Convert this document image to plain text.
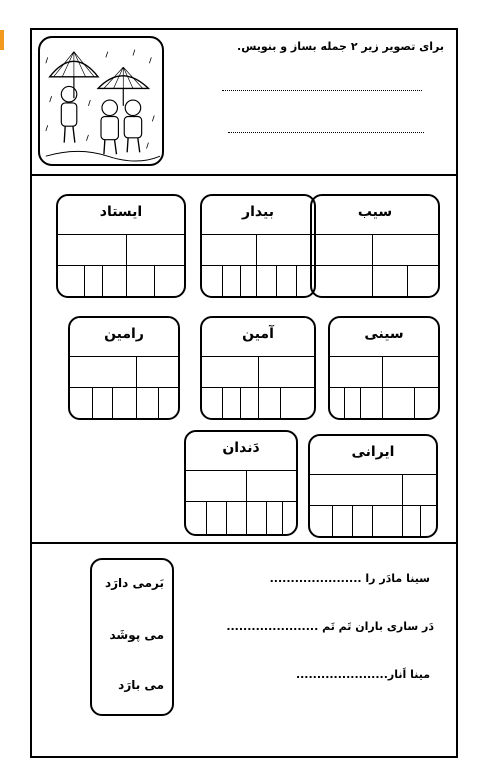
برای تصویر زیر ۲ جمله بساز و بنویس.
سیب
بیدار
ایستاد
سینی
آمین
رامین
ایرانی
دَندان
بَرمی دارَد
می پوشَد
می بارَد
سینا مادَر را ......................
دَر ساری باران تَم تَم ......................
مینا اَنار......................
